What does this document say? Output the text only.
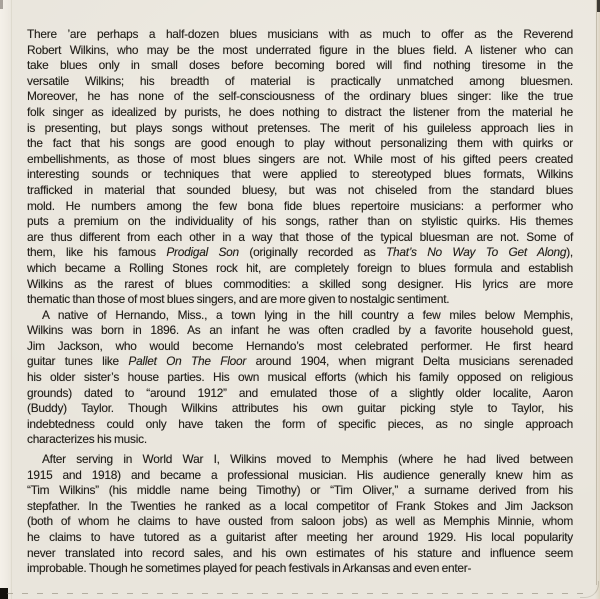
There ’are perhaps a half-dozen blues musicians with as much to offer as the Reverend
Robert Wilkins, who may be the most underrated figure in the blues field. A listener who can
take blues only in small doses before becoming bored will find nothing tiresome in the
versatile Wilkins; his breadth of material is practically unmatched among bluesmen.
Moreover, he has none of the self-consciousness of the ordinary blues singer: like the true
folk singer as idealized by purists, he does nothing to distract the listener from the material he
is presenting, but plays songs without pretenses. The merit of his guileless approach lies in
the fact that his songs are good enough to play without personalizing them with quirks or
embellishments, as those of most blues singers are not. While most of his gifted peers created
interesting sounds or techniques that were applied to stereotyped blues formats, Wilkins
trafficked in material that sounded bluesy, but was not chiseled from the standard blues
mold. He numbers among the few bona fide blues repertoire musicians: a performer who
puts a premium on the individuality of his songs, rather than on stylistic quirks. His themes
are thus different from each other in a way that those of the typical bluesman are not. Some of
them, like his famous Prodigal Son (originally recorded as That’s No Way To Get Along),
which became a Rolling Stones rock hit, are completely foreign to blues formula and establish
Wilkins as the rarest of blues commodities: a skilled song designer. His lyrics are more
thematic than those of most blues singers, and are more given to nostalgic sentiment.
A native of Hernando, Miss., a town lying in the hill country a few miles below Memphis,
Wilkins was born in 1896. As an infant he was often cradled by a favorite household guest,
Jim Jackson, who would become Hernando’s most celebrated performer. He first heard
guitar tunes like Pallet On The Floor around 1904, when migrant Delta musicians serenaded
his older sister’s house parties. His own musical efforts (which his family opposed on religious
grounds) dated to “around 1912” and emulated those of a slightly older localite, Aaron
(Buddy) Taylor. Though Wilkins attributes his own guitar picking style to Taylor, his
indebtedness could only have taken the form of specific pieces, as no single approach
characterizes his music.
After serving in World War I, Wilkins moved to Memphis (where he had lived between
1915 and 1918) and became a professional musician. His audience generally knew him as
“Tim Wilkins” (his middle name being Timothy) or “Tim Oliver,” a surname derived from his
stepfather. In the Twenties he ranked as a local competitor of Frank Stokes and Jim Jackson
(both of whom he claims to have ousted from saloon jobs) as well as Memphis Minnie, whom
he claims to have tutored as a guitarist after meeting her around 1929. His local popularity
never translated into record sales, and his own estimates of his stature and influence seem
improbable. Though he sometimes played for peach festivals in Arkansas and even enter-
